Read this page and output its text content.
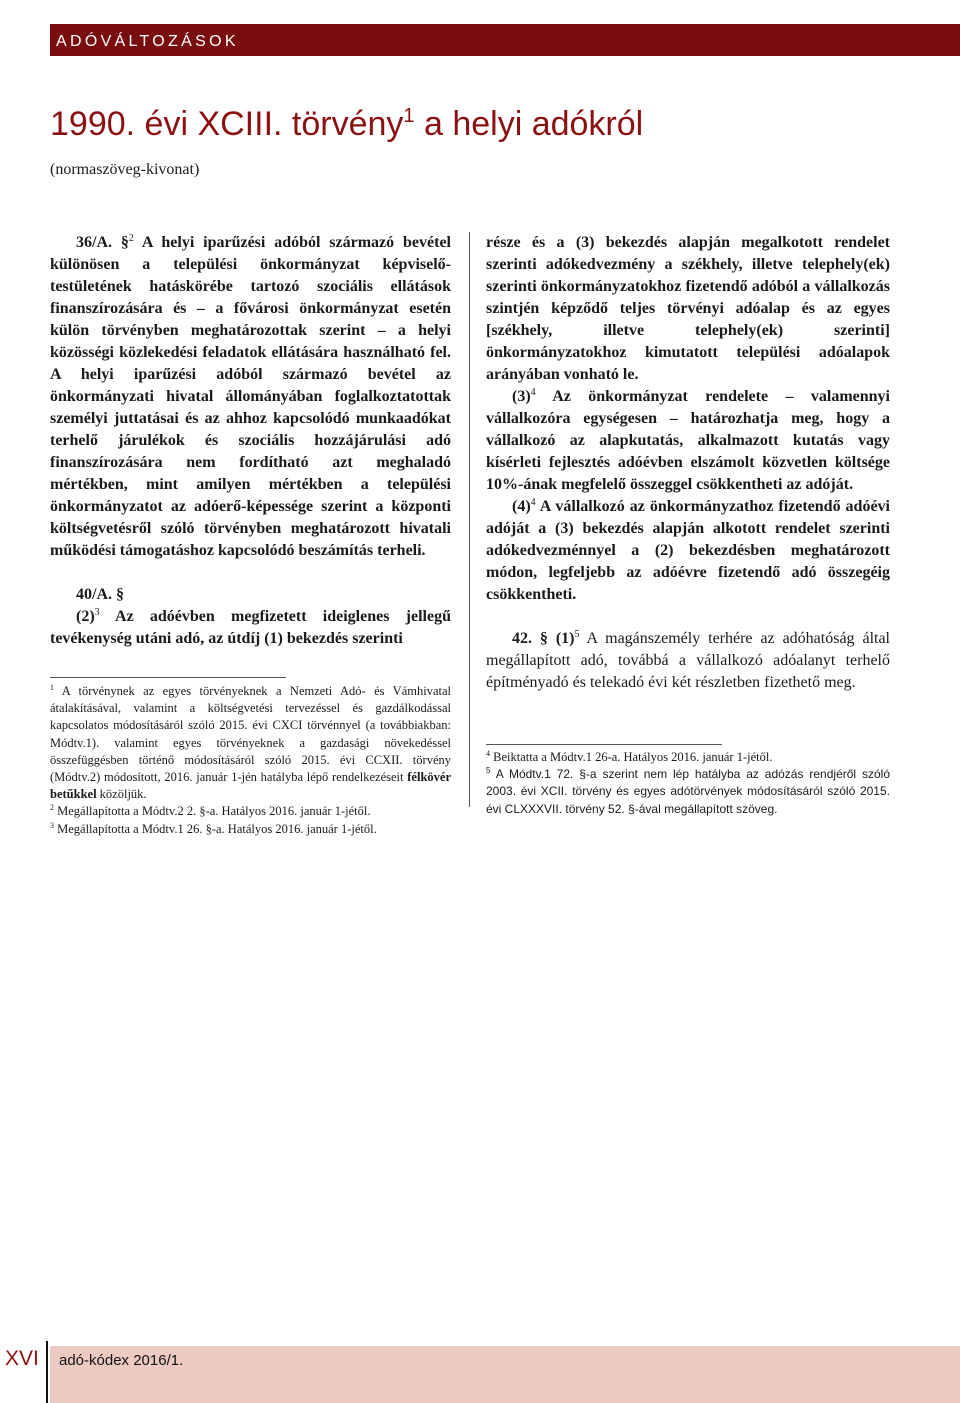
ADÓVÁLTOZÁSOK
1990. évi XCIII. törvény$^1$ a helyi adókról
(normaszöveg-kivonat)

36/A. §$^2$ A helyi iparűzési adóból származó bevétel különösen a települési önkormányzat képviselő-testületének hatáskörébe tartozó szociális ellátások finanszírozására és – a fővárosi önkormányzat esetén külön törvényben meghatározottak szerint – a helyi közösségi közlekedési feladatok ellátására használható fel. A helyi iparűzési adóból származó bevétel az önkormányzati hivatal állományában foglalkoztatottak személyi juttatásai és az ahhoz kapcsolódó munkaadókat terhelő járulékok és szociális hozzájárulási adó finanszírozására nem fordítható azt meghaladó mértékben, mint amilyen mértékben a települési önkormányzatot az adóerő-képessége szerint a központi költségvetésről szóló törvényben meghatározott hivatali működési támogatáshoz kapcsolódó beszámítás terheli.

40/A. §

$(2)^3$ Az adóévben megfizetett ideiglenes jellegű tevékenység utáni adó, az útdíj (1) bekezdés szerinti

$^1$ A törvénynek az egyes törvényeknek a Nemzeti Adó- és Vámhivatal átalakításával, valamint a költségvetési tervezéssel és gazdálkodással kapcsolatos módosításáról szóló 2015. évi CXCI törvénnyel (a továbbiakban: Módtv.1). valamint egyes törvényeknek a gazdasági növekedéssel összefüggésben történő módosításáról szóló 2015. évi CCXII. törvény (Módtv.2) módosított, 2016. január 1-jén hatályba lépő rendelkezéseit félkövér betűkkel közöljük.

$^2$ Megállapította a Módtv.2 2. §-a. Hatályos 2016. január 1-jétől.

$^3$ Megállapította a Módtv.1 26. §-a. Hatályos 2016. január 1-jétől.

része és a (3) bekezdés alapján megalkotott rendelet szerinti adókedvezmény a székhely, illetve telephely(ek) szerinti önkormányzatokhoz fizetendő adóból a vállalkozás szintjén képződő teljes törvényi adóalap és az egyes [székhely, illetve telephely(ek) szerinti] önkormányzatokhoz kimutatott települési adóalapok arányában vonható le.

$(3)^4$ Az önkormányzat rendelete – valamennyi vállalkozóra egységesen – határozhatja meg, hogy a vállalkozó az alapkutatás, alkalmazott kutatás vagy kísérleti fejlesztés adóévben elszámolt közvetlen költsége 10%-ának megfelelő összeggel csökkentheti az adóját.

$(4)^4$ A vállalkozó az önkormányzathoz fizetendő adóévi adóját a (3) bekezdés alapján alkotott rendelet szerinti adókedvezménnyel a (2) bekezdésben meghatározott módon, legfeljebb az adóévre fizetendő adó összegéig csökkentheti.

42. § $(1)^5$ A magánszemély terhére az adóhatóság által megállapított adó, továbbá a vállalkozó adóalanyt terhelő építményadó és telekadó évi két részletben fizethető meg.

$^4$ Beiktatta a Módtv.1 26-a. Hatályos 2016. január 1-jétől.

$^5$ A Módtv.1 72. §-a szerint nem lép hatályba az adózás rendjéről szóló 2003. évi XCII. törvény és egyes adótörvények módosításáról szóló 2015. évi CLXXXVII. törvény 52. §-ával megállapított szöveg.

XVI adó-kódex 2016/1.
